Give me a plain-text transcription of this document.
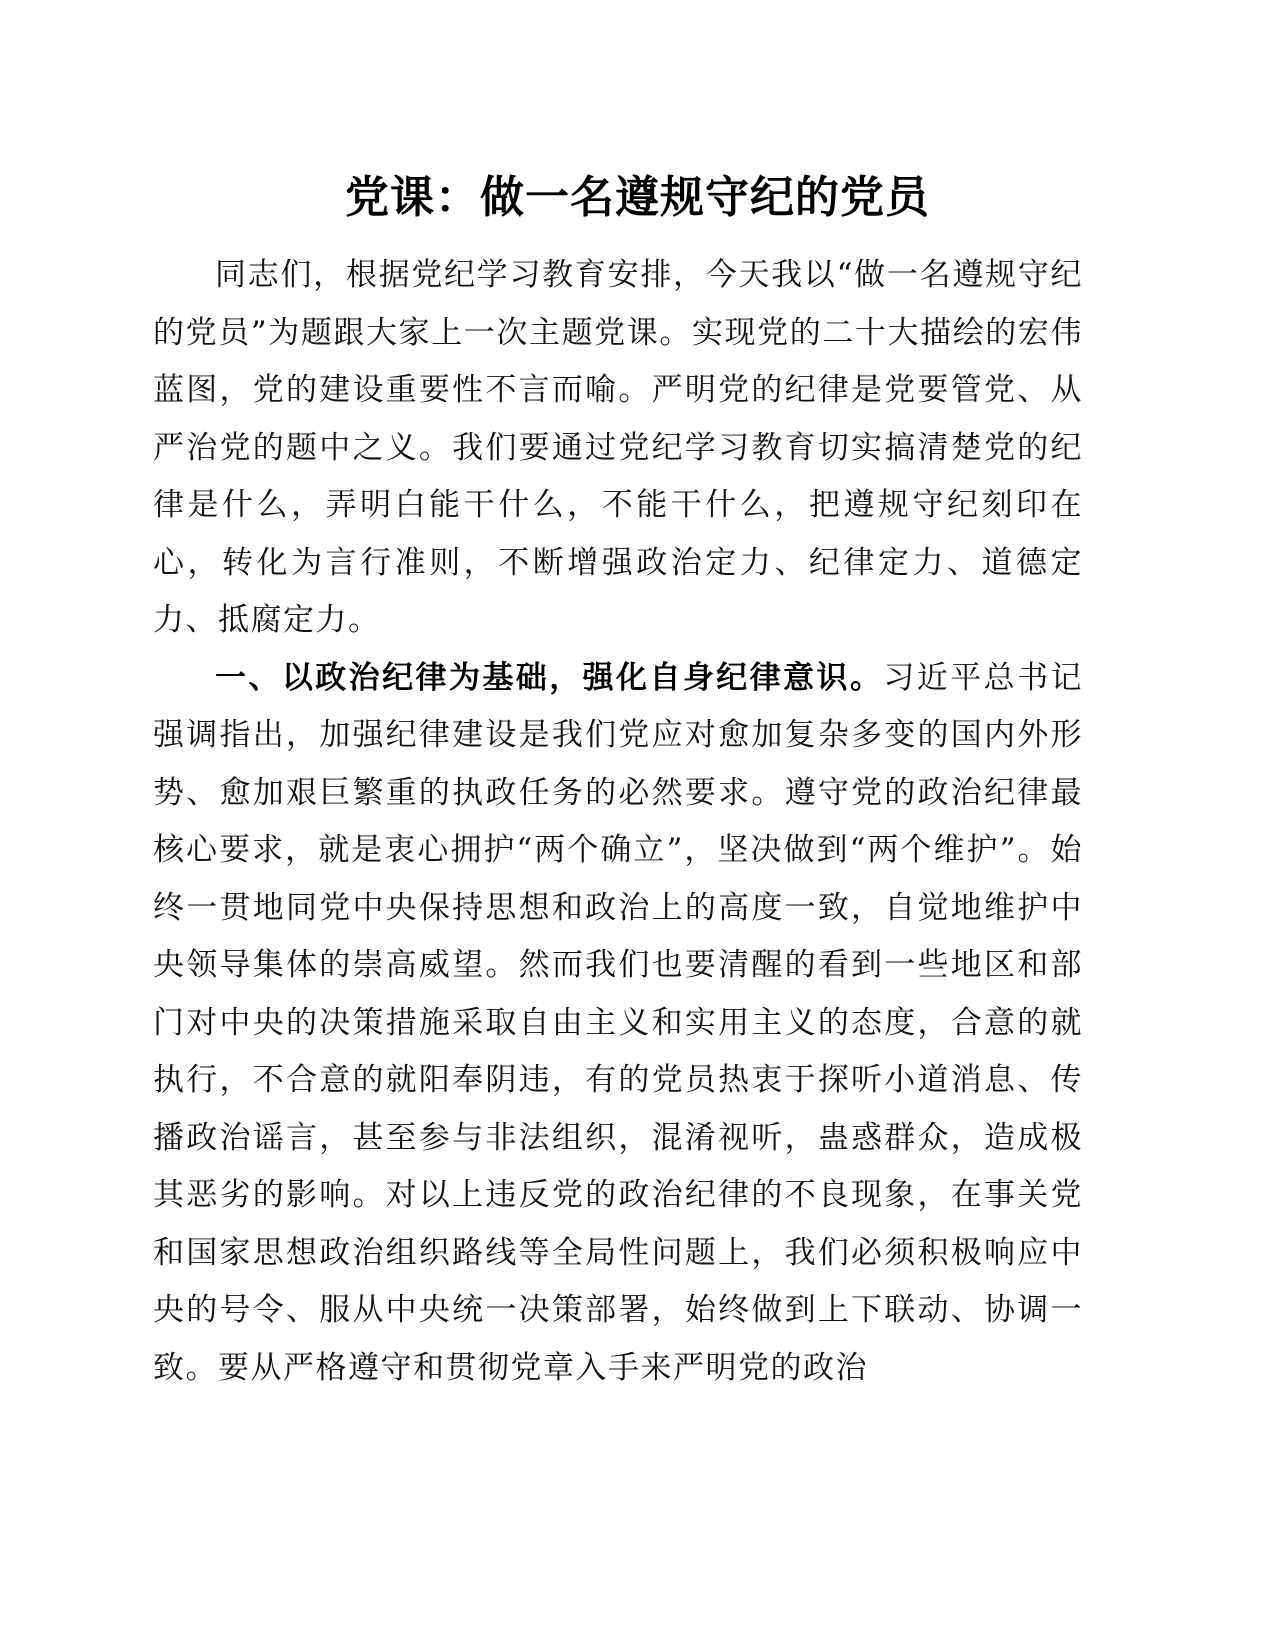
党课：做一名遵规守纪的党员

同志们，根据党纪学习教育安排，今天我以“做一名遵规守纪的党员”为题跟大家上一次主题党课。实现党的二十大描绘的宏伟蓝图，党的建设重要性不言而喻。严明党的纪律是党要管党、从严治党的题中之义。我们要通过党纪学习教育切实搞清楚党的纪律是什么，弄明白能干什么，不能干什么，把遵规守纪刻印在心，转化为言行准则，不断增强政治定力、纪律定力、道德定力、抵腐定力。

一、以政治纪律为基础，强化自身纪律意识。习近平总书记强调指出，加强纪律建设是我们党应对愈加复杂多变的国内外形势、愈加艰巨繁重的执政任务的必然要求。遵守党的政治纪律最核心要求，就是衷心拥护“两个确立”，坚决做到“两个维护”。始终一贯地同党中央保持思想和政治上的高度一致，自觉地维护中央领导集体的崇高威望。然而我们也要清醒的看到一些地区和部门对中央的决策措施采取自由主义和实用主义的态度，合意的就执行，不合意的就阳奉阴违，有的党员热衷于探听小道消息、传播政治谣言，甚至参与非法组织，混淆视听，蛊惑群众，造成极其恶劣的影响。对以上违反党的政治纪律的不良现象，在事关党和国家思想政治组织路线等全局性问题上，我们必须积极响应中央的号令、服从中央统一决策部署，始终做到上下联动、协调一致。要从严格遵守和贯彻党章入手来严明党的政治
